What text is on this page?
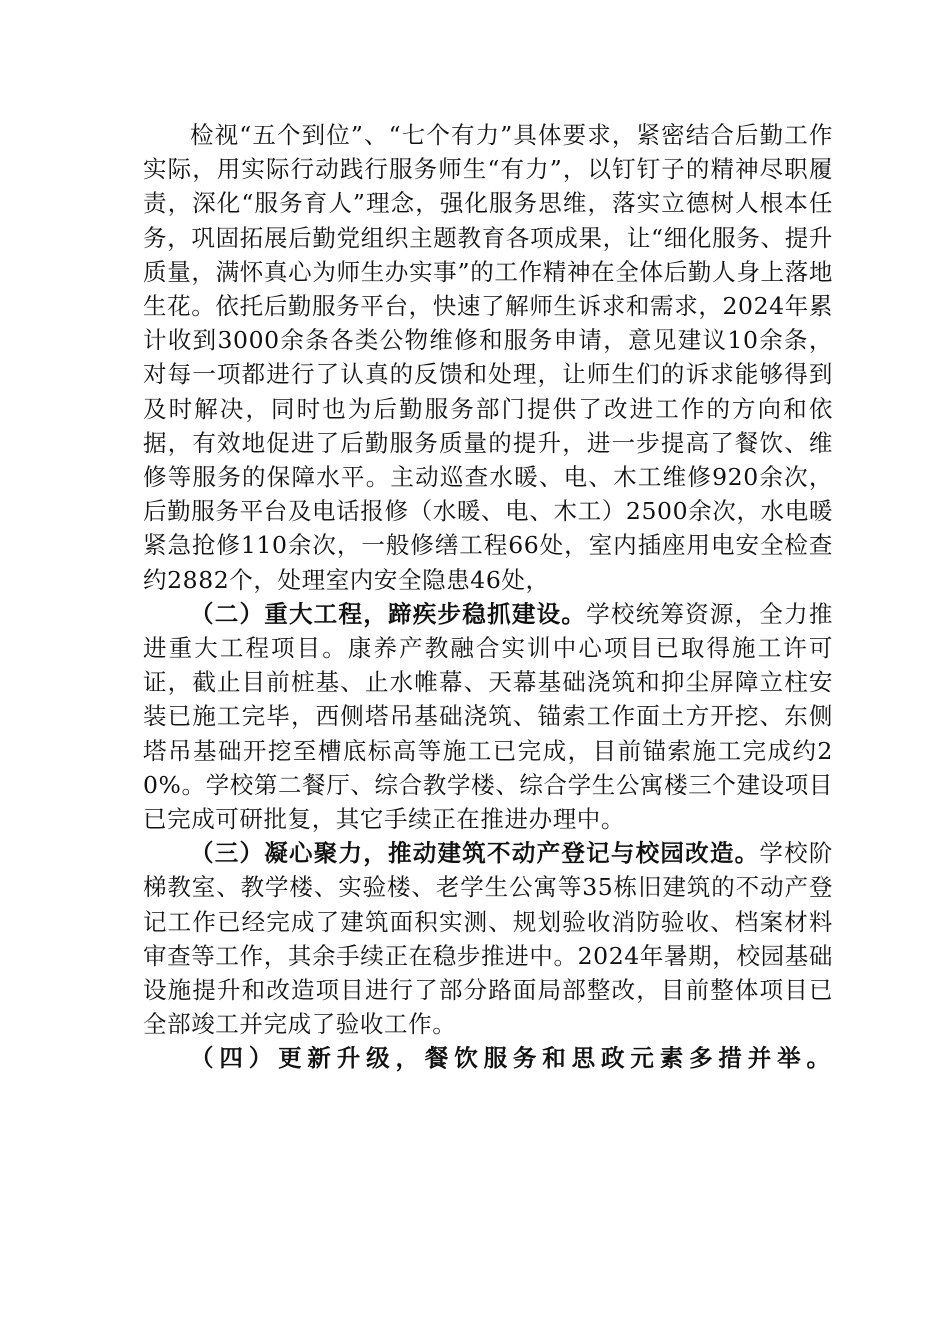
检视“五个到位”、“七个有力”具体要求，紧密结合后勤工作实际，用实际行动践行服务师生“有力”，以钉钉子的精神尽职履责，深化“服务育人”理念，强化服务思维，落实立德树人根本任务，巩固拓展后勤党组织主题教育各项成果，让“细化服务、提升质量，满怀真心为师生办实事”的工作精神在全体后勤人身上落地生花。依托后勤服务平台，快速了解师生诉求和需求，2024年累计收到3000余条各类公物维修和服务申请，意见建议10余条，对每一项都进行了认真的反馈和处理，让师生们的诉求能够得到及时解决，同时也为后勤服务部门提供了改进工作的方向和依据，有效地促进了后勤服务质量的提升，进一步提高了餐饮、维修等服务的保障水平。主动巡查水暖、电、木工维修920余次，后勤服务平台及电话报修（水暖、电、木工）2500余次，水电暖紧急抢修110余次，一般修缮工程66处，室内插座用电安全检查约2882个，处理室内安全隐患46处，

（二）重大工程，蹄疾步稳抓建设。学校统筹资源，全力推进重大工程项目。康养产教融合实训中心项目已取得施工许可证，截止目前桩基、止水帷幕、天幕基础浇筑和抑尘屏障立柱安装已施工完毕，西侧塔吊基础浇筑、锚索工作面土方开挖、东侧塔吊基础开挖至槽底标高等施工已完成，目前锚索施工完成约20%。学校第二餐厅、综合教学楼、综合学生公寓楼三个建设项目已完成可研批复，其它手续正在推进办理中。

（三）凝心聚力，推动建筑不动产登记与校园改造。学校阶梯教室、教学楼、实验楼、老学生公寓等35栋旧建筑的不动产登记工作已经完成了建筑面积实测、规划验收消防验收、档案材料审查等工作，其余手续正在稳步推进中。2024年暑期，校园基础设施提升和改造项目进行了部分路面局部整改，目前整体项目已全部竣工并完成了验收工作。

（四）更新升级，餐饮服务和思政元素多措并举。
